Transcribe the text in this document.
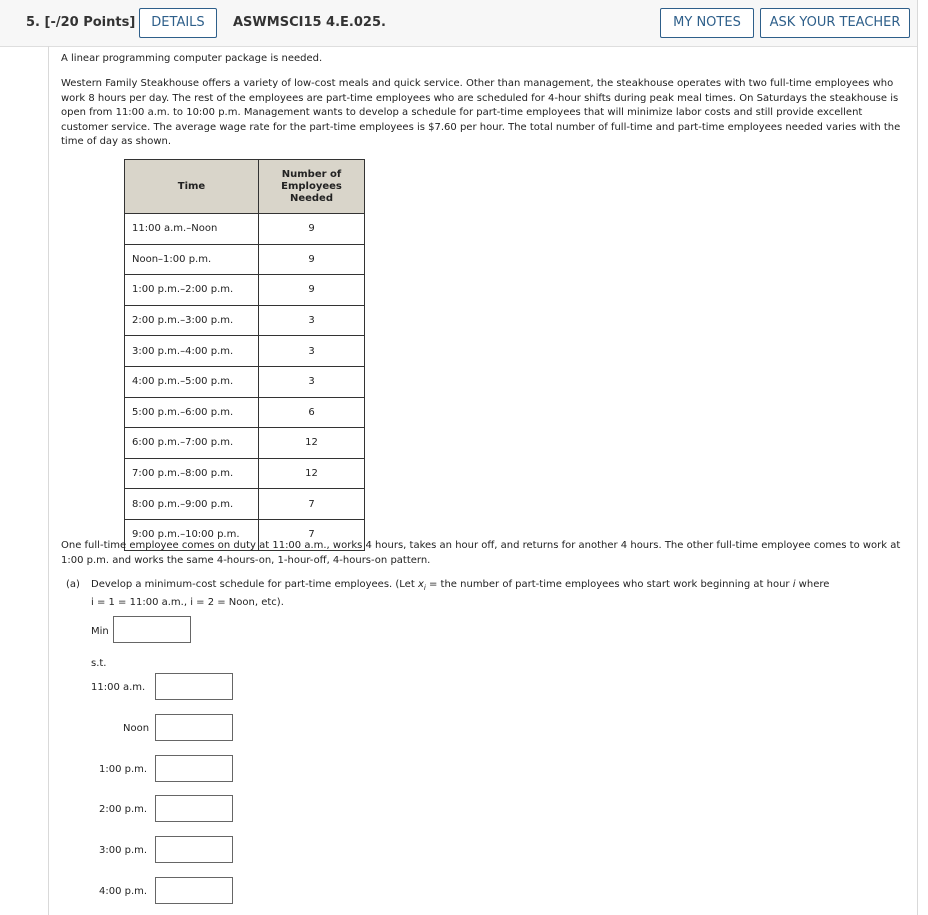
5. [-/20 Points]	DETAILS	ASWMSCI15 4.E.025.	MY NOTES	ASK YOUR TEACHER
A linear programming computer package is needed.
Western Family Steakhouse offers a variety of low-cost meals and quick service. Other than management, the steakhouse operates with two full-time employees who work 8 hours per day. The rest of the employees are part-time employees who are scheduled for 4-hour shifts during peak meal times. On Saturdays the steakhouse is open from 11:00 a.m. to 10:00 p.m. Management wants to develop a schedule for part-time employees that will minimize labor costs and still provide excellent customer service. The average wage rate for the part-time employees is $7.60 per hour. The total number of full-time and part-time employees needed varies with the time of day as shown.
Time	Number of Employees Needed
11:00 a.m.–Noon	9
Noon–1:00 p.m.	9
1:00 p.m.–2:00 p.m.	9
2:00 p.m.–3:00 p.m.	3
3:00 p.m.–4:00 p.m.	3
4:00 p.m.–5:00 p.m.	3
5:00 p.m.–6:00 p.m.	6
6:00 p.m.–7:00 p.m.	12
7:00 p.m.–8:00 p.m.	12
8:00 p.m.–9:00 p.m.	7
9:00 p.m.–10:00 p.m.	7
One full-time employee comes on duty at 11:00 a.m., works 4 hours, takes an hour off, and returns for another 4 hours. The other full-time employee comes to work at 1:00 p.m. and works the same 4-hours-on, 1-hour-off, 4-hours-on pattern.
(a) Develop a minimum-cost schedule for part-time employees. (Let $x_i$ = the number of part-time employees who start work beginning at hour i where
i = 1 = 11:00 a.m., i = 2 = Noon, etc).
Min
s.t.
11:00 a.m.
Noon
1:00 p.m.
2:00 p.m.
3:00 p.m.
4:00 p.m.
